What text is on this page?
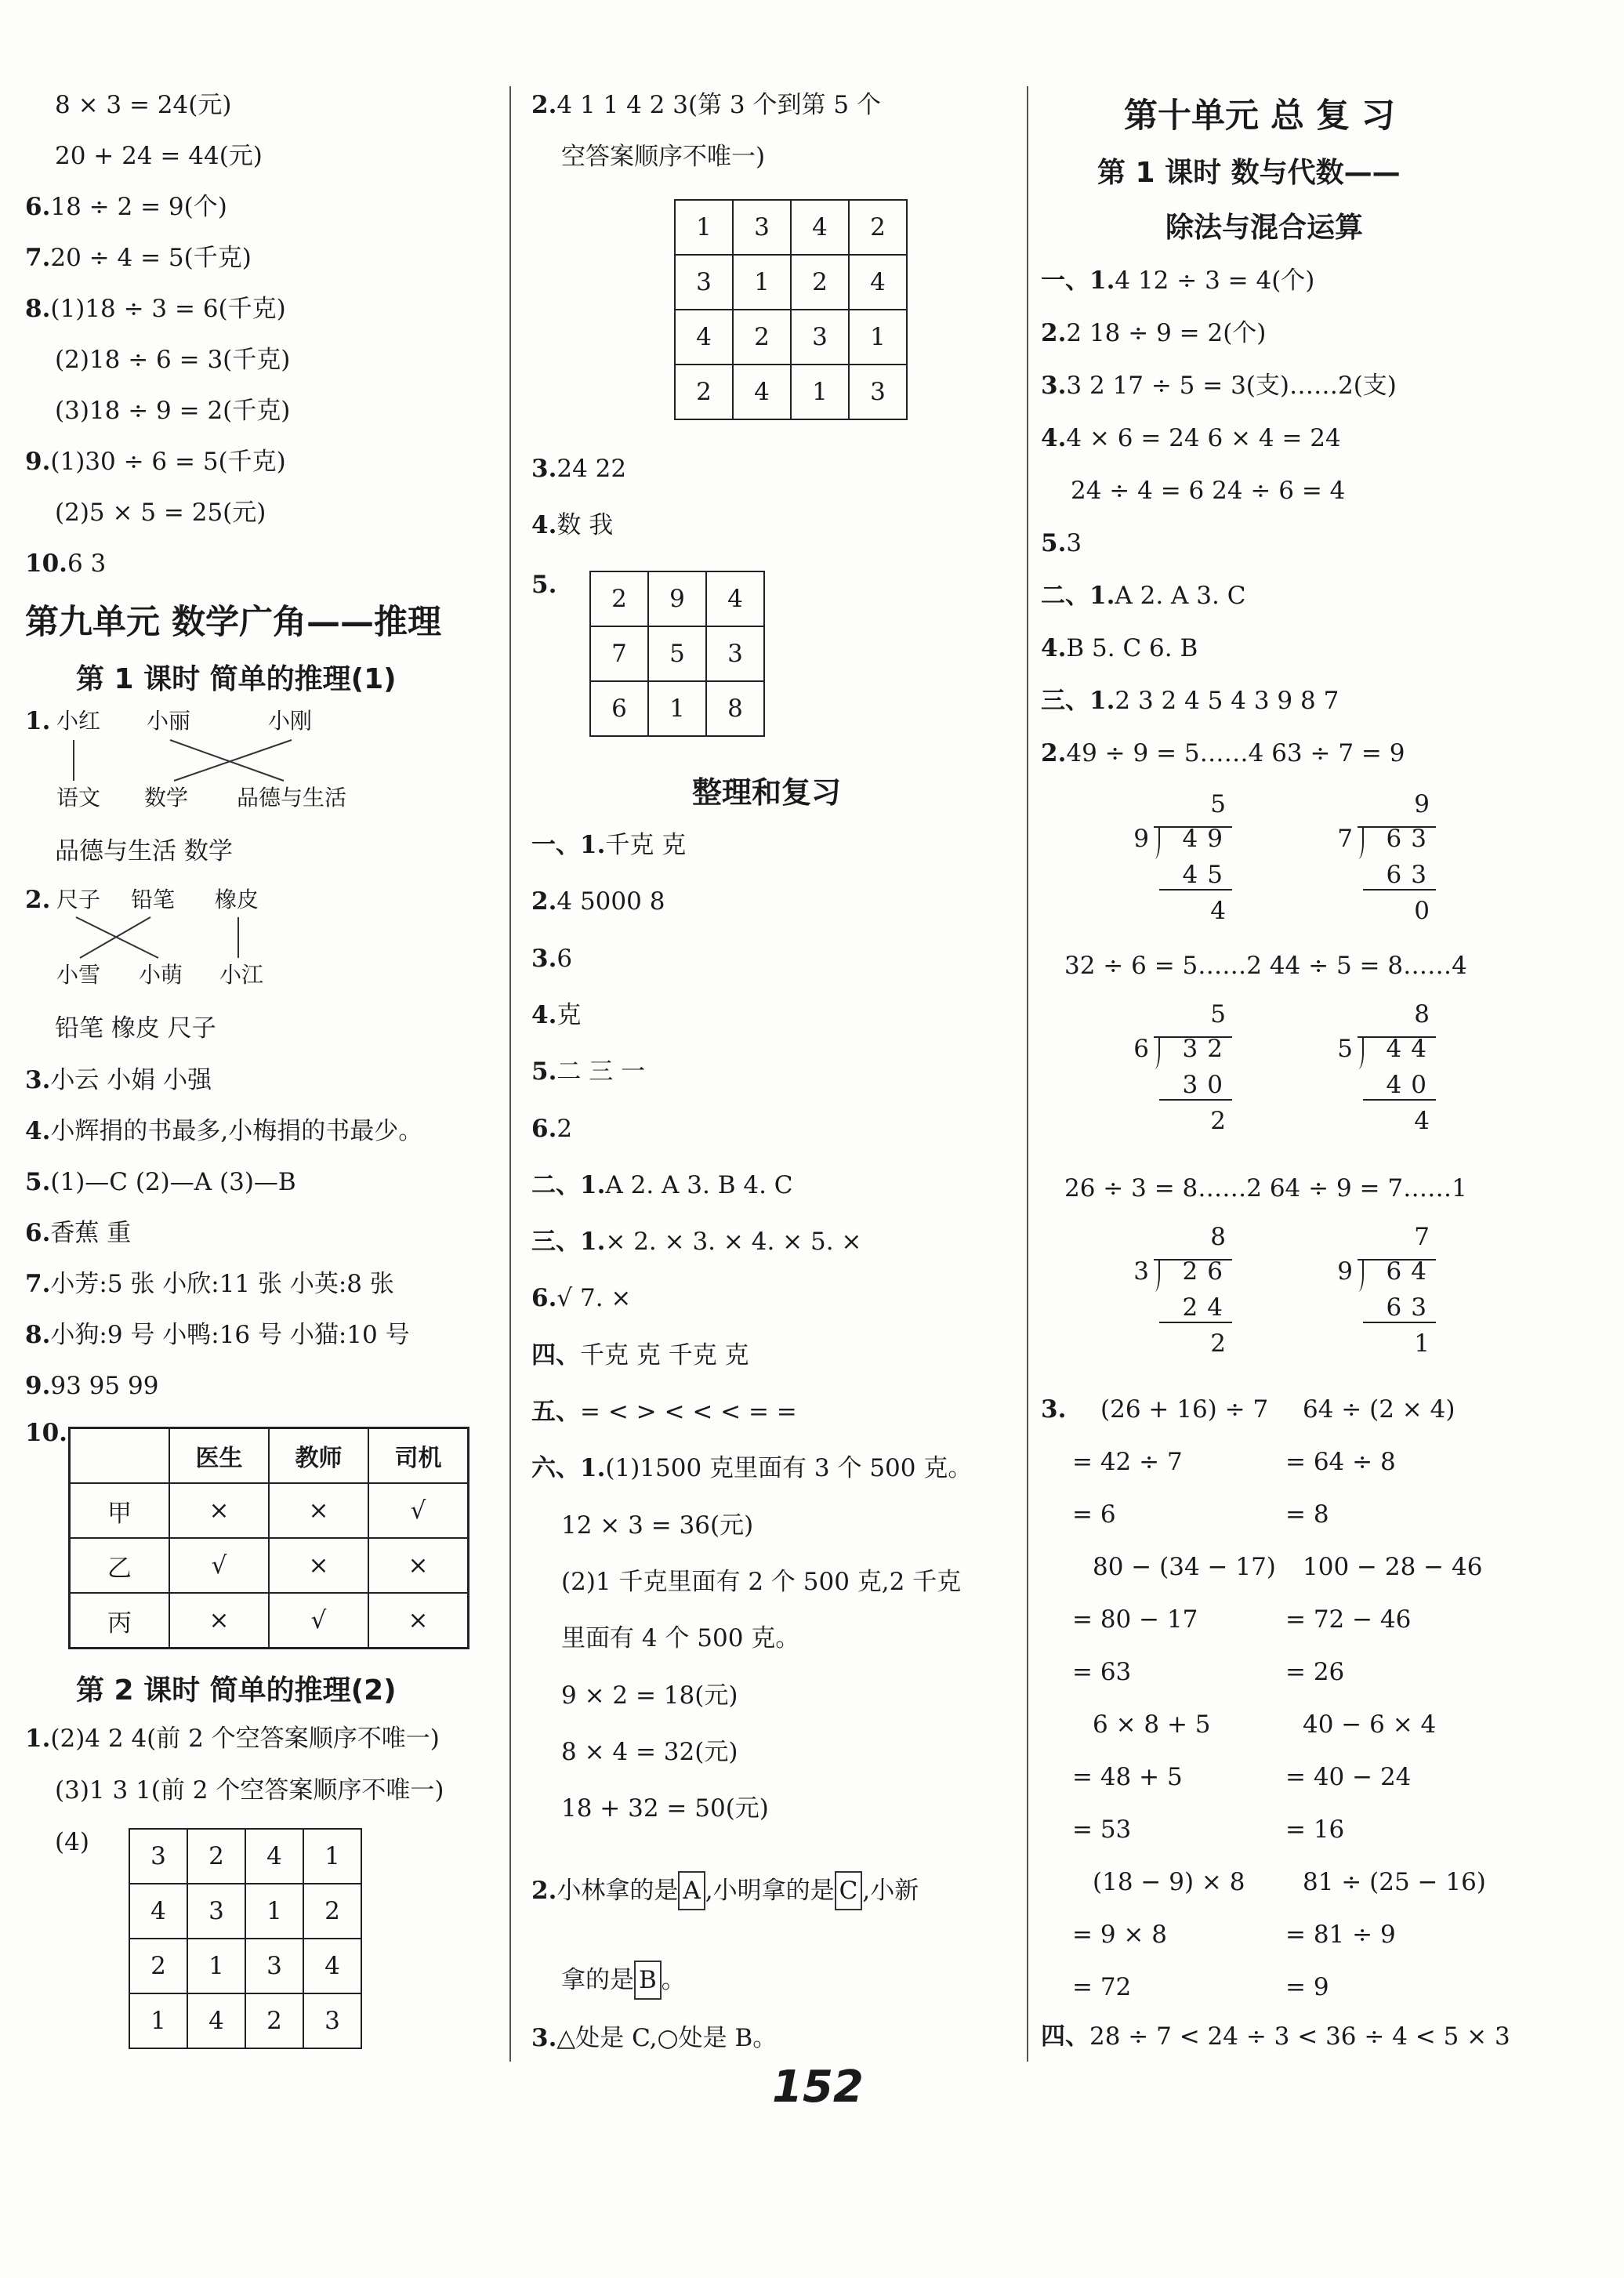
8 × 3 = 24(元)
20 + 24 = 44(元)
6.18 ÷ 2 = 9(个)
7.20 ÷ 4 = 5(千克)
8.(1)18 ÷ 3 = 6(千克)
(2)18 ÷ 6 = 3(千克)
(3)18 ÷ 9 = 2(千克)
9.(1)30 ÷ 6 = 5(千克)
(2)5 × 5 = 25(元)
10.6 3
第九单元 数学广角——推理
第 1 课时 简单的推理(1)
1. 小红 小丽	小刚
语文 数学 品德与生活
品德与生活 数学
2. 尺子 铅笔 橡皮
小雪 小萌 小江
铅笔 橡皮 尺子
3.小云 小娟 小强
4.小辉捐的书最多,小梅捐的书最少。
5.(1)—C (2)—A (3)—B
6.香蕉 重
7.小芳:5 张 小欣:11 张 小英:8 张
8.小狗:9 号 小鸭:16 号 小猫:10 号
9.93 95 99
10.
	医生	教师	司机
甲	×	×	√
乙	√	×	×
丙	×	√	×
第 2 课时 简单的推理(2)
1.(2)4 2 4(前 2 个空答案顺序不唯一)
(3)1 3 1(前 2 个空答案顺序不唯一)
(4)	3	2	4	1
4	3	1	2
2	1	3	4
1	4	2	3
2.4 1 1 4 2 3(第 3 个到第 5 个
空答案顺序不唯一)
1	3	4	2
3	1	2	4
4	2	3	1
2	4	1	3
3.24 22
4.数 我
5. 2	9	4
7	5	3
6	1	8
整理和复习
一、1.千克 克
2.4 5000 8
3.6
4.克
5.二 三 一
6.2
二、1.A 2. A 3. B 4. C
三、1.× 2. × 3. × 4. × 5. ×
6.√ 7. ×
四、千克 克 千克 克
五、= < > < < < = =
六、1.(1)1500 克里面有 3 个 500 克。
12 × 3 = 36(元)
(2)1 千克里面有 2 个 500 克,2 千克
里面有 4 个 500 克。
9 × 2 = 18(元)
8 × 4 = 32(元)
18 + 32 = 50(元)
2.小林拿的是 A ,小明拿的是 C ,小新
拿的是 B 。
3.△处是 C,○处是 B。
第十单元 总 复 习
第 1 课时 数与代数——
除法与混合运算
一、1.4 12 ÷ 3 = 4(个)
2.2 18 ÷ 9 = 2(个)
3.3 2 17 ÷ 5 = 3(支)……2(支)
4.4 × 6 = 24 6 × 4 = 24
24 ÷ 4 = 6 24 ÷ 6 = 4
5.3
二、1.A 2. A 3. C
4.B 5. C 6. B
三、1.2 3 2 4 5 4 3 9 8 7
2.49 ÷ 9 = 5……4 63 ÷ 7 = 9
5
9 49
45
4
9
7 63
63
0
32 ÷ 6 = 5……2 44 ÷ 5 = 8……4
5
6 32
30
2
8
5 44
40
4
26 ÷ 3 = 8……2 64 ÷ 9 = 7……1
8
3 26
24
2
7
9 64
63
1
3. (26 + 16) ÷ 7 64 ÷ (2 × 4)
= 42 ÷ 7	= 64 ÷ 8
= 6	= 8
80 − (34 − 17) 100 − 28 − 46
= 80 − 17	= 72 − 46
= 63	= 26
6 × 8 + 5	40 − 6 × 4
= 48 + 5	= 40 − 24
= 53	= 16
(18 − 9) × 8 81 ÷ (25 − 16)
= 9 × 8	= 81 ÷ 9
= 72	= 9
四、28 ÷ 7 < 24 ÷ 3 < 36 ÷ 4 < 5 × 3
152
